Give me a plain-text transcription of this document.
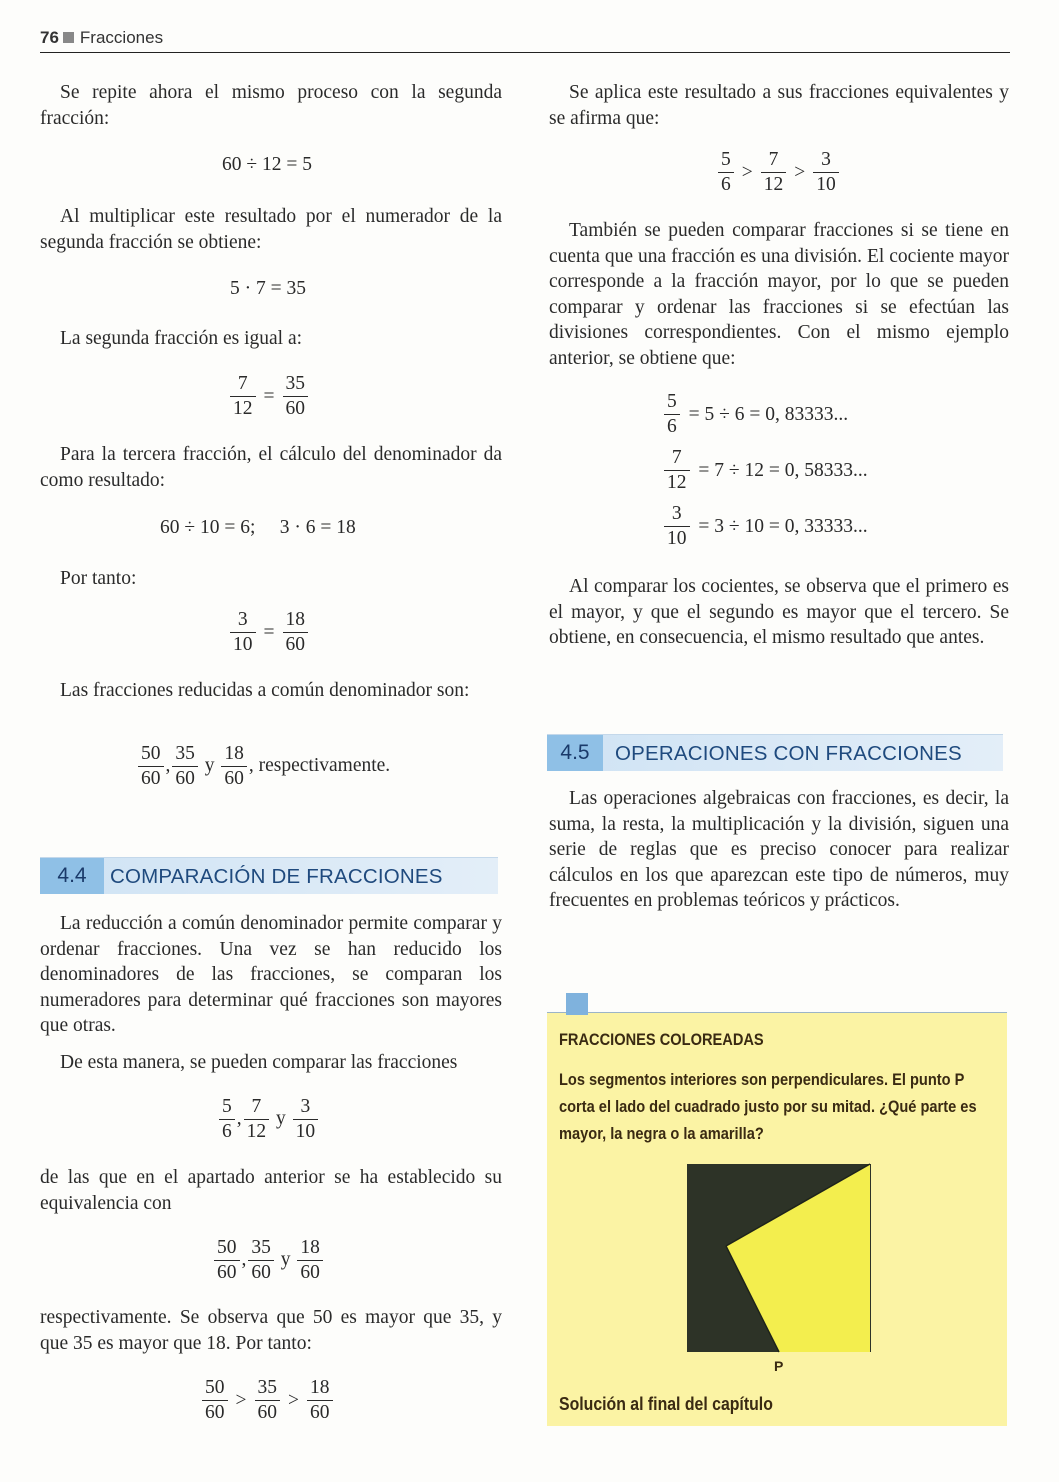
76 Fracciones
Se repite ahora el mismo proceso con la segunda fracción:
60 ÷ 12 = 5
Al multiplicar este resultado por el numerador de la segunda fracción se obtiene:
5 · 7 = 35
La segunda fracción es igual a:
$\frac{7}{12} = \frac{35}{60}$
Para la tercera fracción, el cálculo del denominador da como resultado:
60 ÷ 10 = 6;     3 · 6 = 18
Por tanto:
$\frac{3}{10} = \frac{18}{60}$
Las fracciones reducidas a común denominador son:
$\frac{50}{60}$ , $\frac{35}{60}$ y $\frac{18}{60}$ , respectivamente.
4.4	COMPARACIÓN DE FRACCIONES
La reducción a común denominador permite comparar y ordenar fracciones. Una vez se han reducido los denominadores de las fracciones, se comparan los numeradores para determinar qué fracciones son mayores que otras.
De esta manera, se pueden comparar las fracciones
$\frac{5}{6}$ , $\frac{7}{12}$ y $\frac{3}{10}$
de las que en el apartado anterior se ha establecido su equivalencia con
$\frac{50}{60}$ , $\frac{35}{60}$ y $\frac{18}{60}$
respectivamente. Se observa que 50 es mayor que 35, y que 35 es mayor que 18. Por tanto:
$\frac{50}{60} > \frac{35}{60} > \frac{18}{60}$
Se aplica este resultado a sus fracciones equivalentes y se afirma que:
$\frac{5}{6} > \frac{7}{12} > \frac{3}{10}$
También se pueden comparar fracciones si se tiene en cuenta que una fracción es una división. El cociente mayor corresponde a la fracción mayor, por lo que se pueden comparar y ordenar las fracciones si se efectúan las divisiones correspondientes. Con el mismo ejemplo anterior, se obtiene que:
$\frac{5}{6} = 5 \div 6 = 0$, 83333...
$\frac{7}{12} = 7 \div 12 = 0$, 58333...
$\frac{3}{10} = 3 \div 10 = 0$, 33333...
Al comparar los cocientes, se observa que el primero es el mayor, y que el segundo es mayor que el tercero. Se obtiene, en consecuencia, el mismo resultado que antes.
4.5	OPERACIONES CON FRACCIONES
Las operaciones algebraicas con fracciones, es decir, la suma, la resta, la multiplicación y la división, siguen una serie de reglas que es preciso conocer para realizar cálculos en los que aparezcan este tipo de números, muy frecuentes en problemas teóricos y prácticos.
FRACCIONES COLOREADAS
Los segmentos interiores son perpendiculares. El punto P corta el lado del cuadrado justo por su mitad. ¿Qué parte es mayor, la negra o la amarilla?
P
Solución al final del capítulo
